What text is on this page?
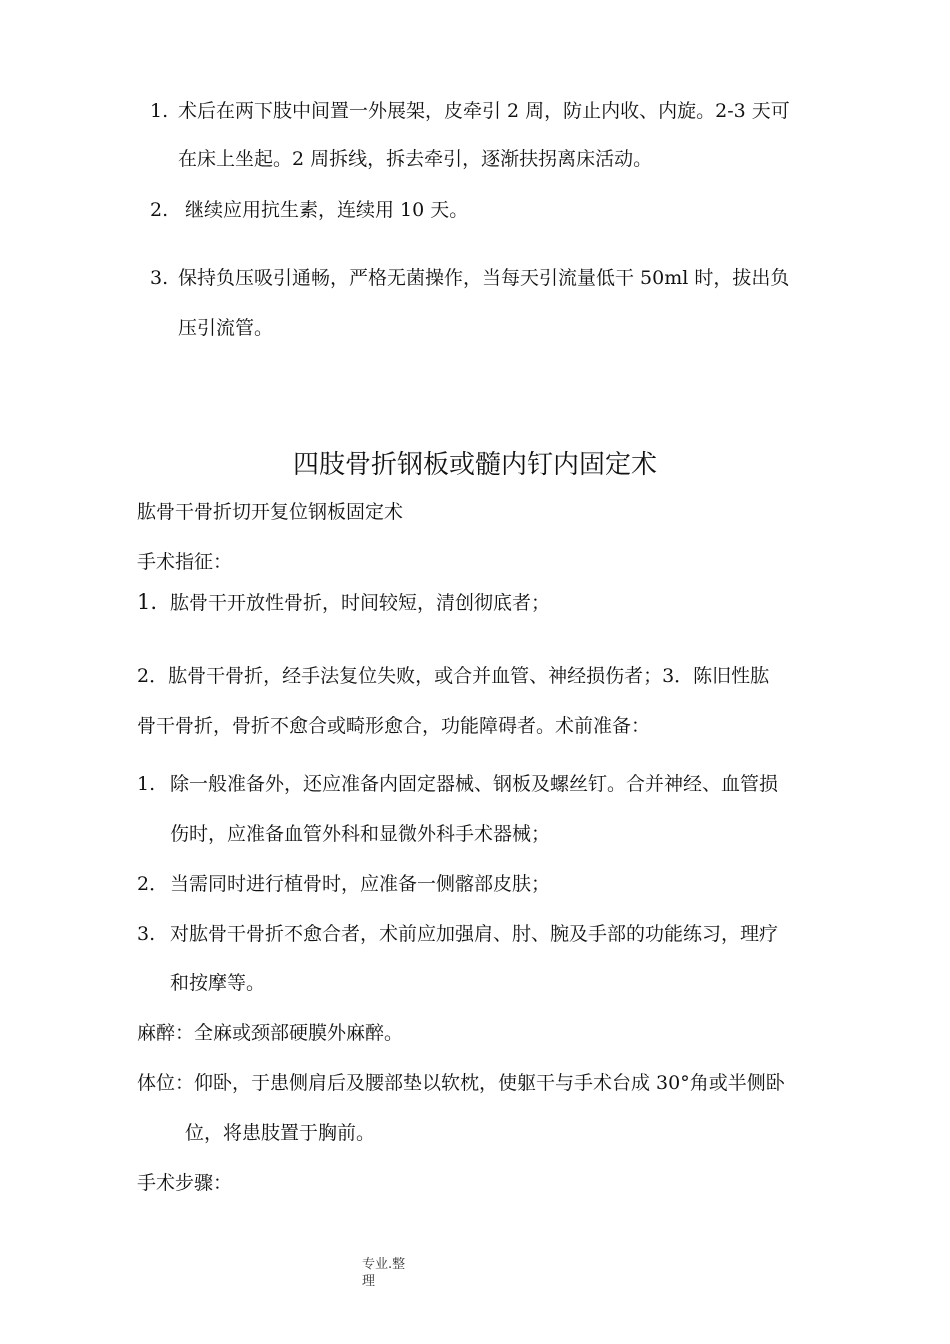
1. 术后在两下肢中间置一外展架，皮牵引 2 周，防止内收、内旋。2-3 天可
在床上坐起。2 周拆线，拆去牵引，逐渐扶拐离床活动。
2. 继续应用抗生素，连续用 10 天。
3. 保持负压吸引通畅，严格无菌操作，当每天引流量低干 50ml 时，拔出负
压引流管。
四肢骨折钢板或髓内钉内固定术
肱骨干骨折切开复位钢板固定术
手术指征：
1. 肱骨干开放性骨折，时间较短，清创彻底者；
2．肱骨干骨折，经手法复位失败，或合并血管、神经损伤者；3．陈旧性肱
骨干骨折，骨折不愈合或畸形愈合，功能障碍者。术前准备：
1. 除一般准备外，还应准备内固定器械、钢板及螺丝钉。合并神经、血管损
伤时，应准备血管外科和显微外科手术器械；
2． 当需同时进行植骨时，应准备一侧髂部皮肤；
3. 对肱骨干骨折不愈合者，术前应加强肩、肘、腕及手部的功能练习，理疗
和按摩等。
麻醉：全麻或颈部硬膜外麻醉。
体位：仰卧，于患侧肩后及腰部垫以软枕，使躯干与手术台成 30°角或半侧卧
位，将患肢置于胸前。
手术步骤：
专业.整
理
